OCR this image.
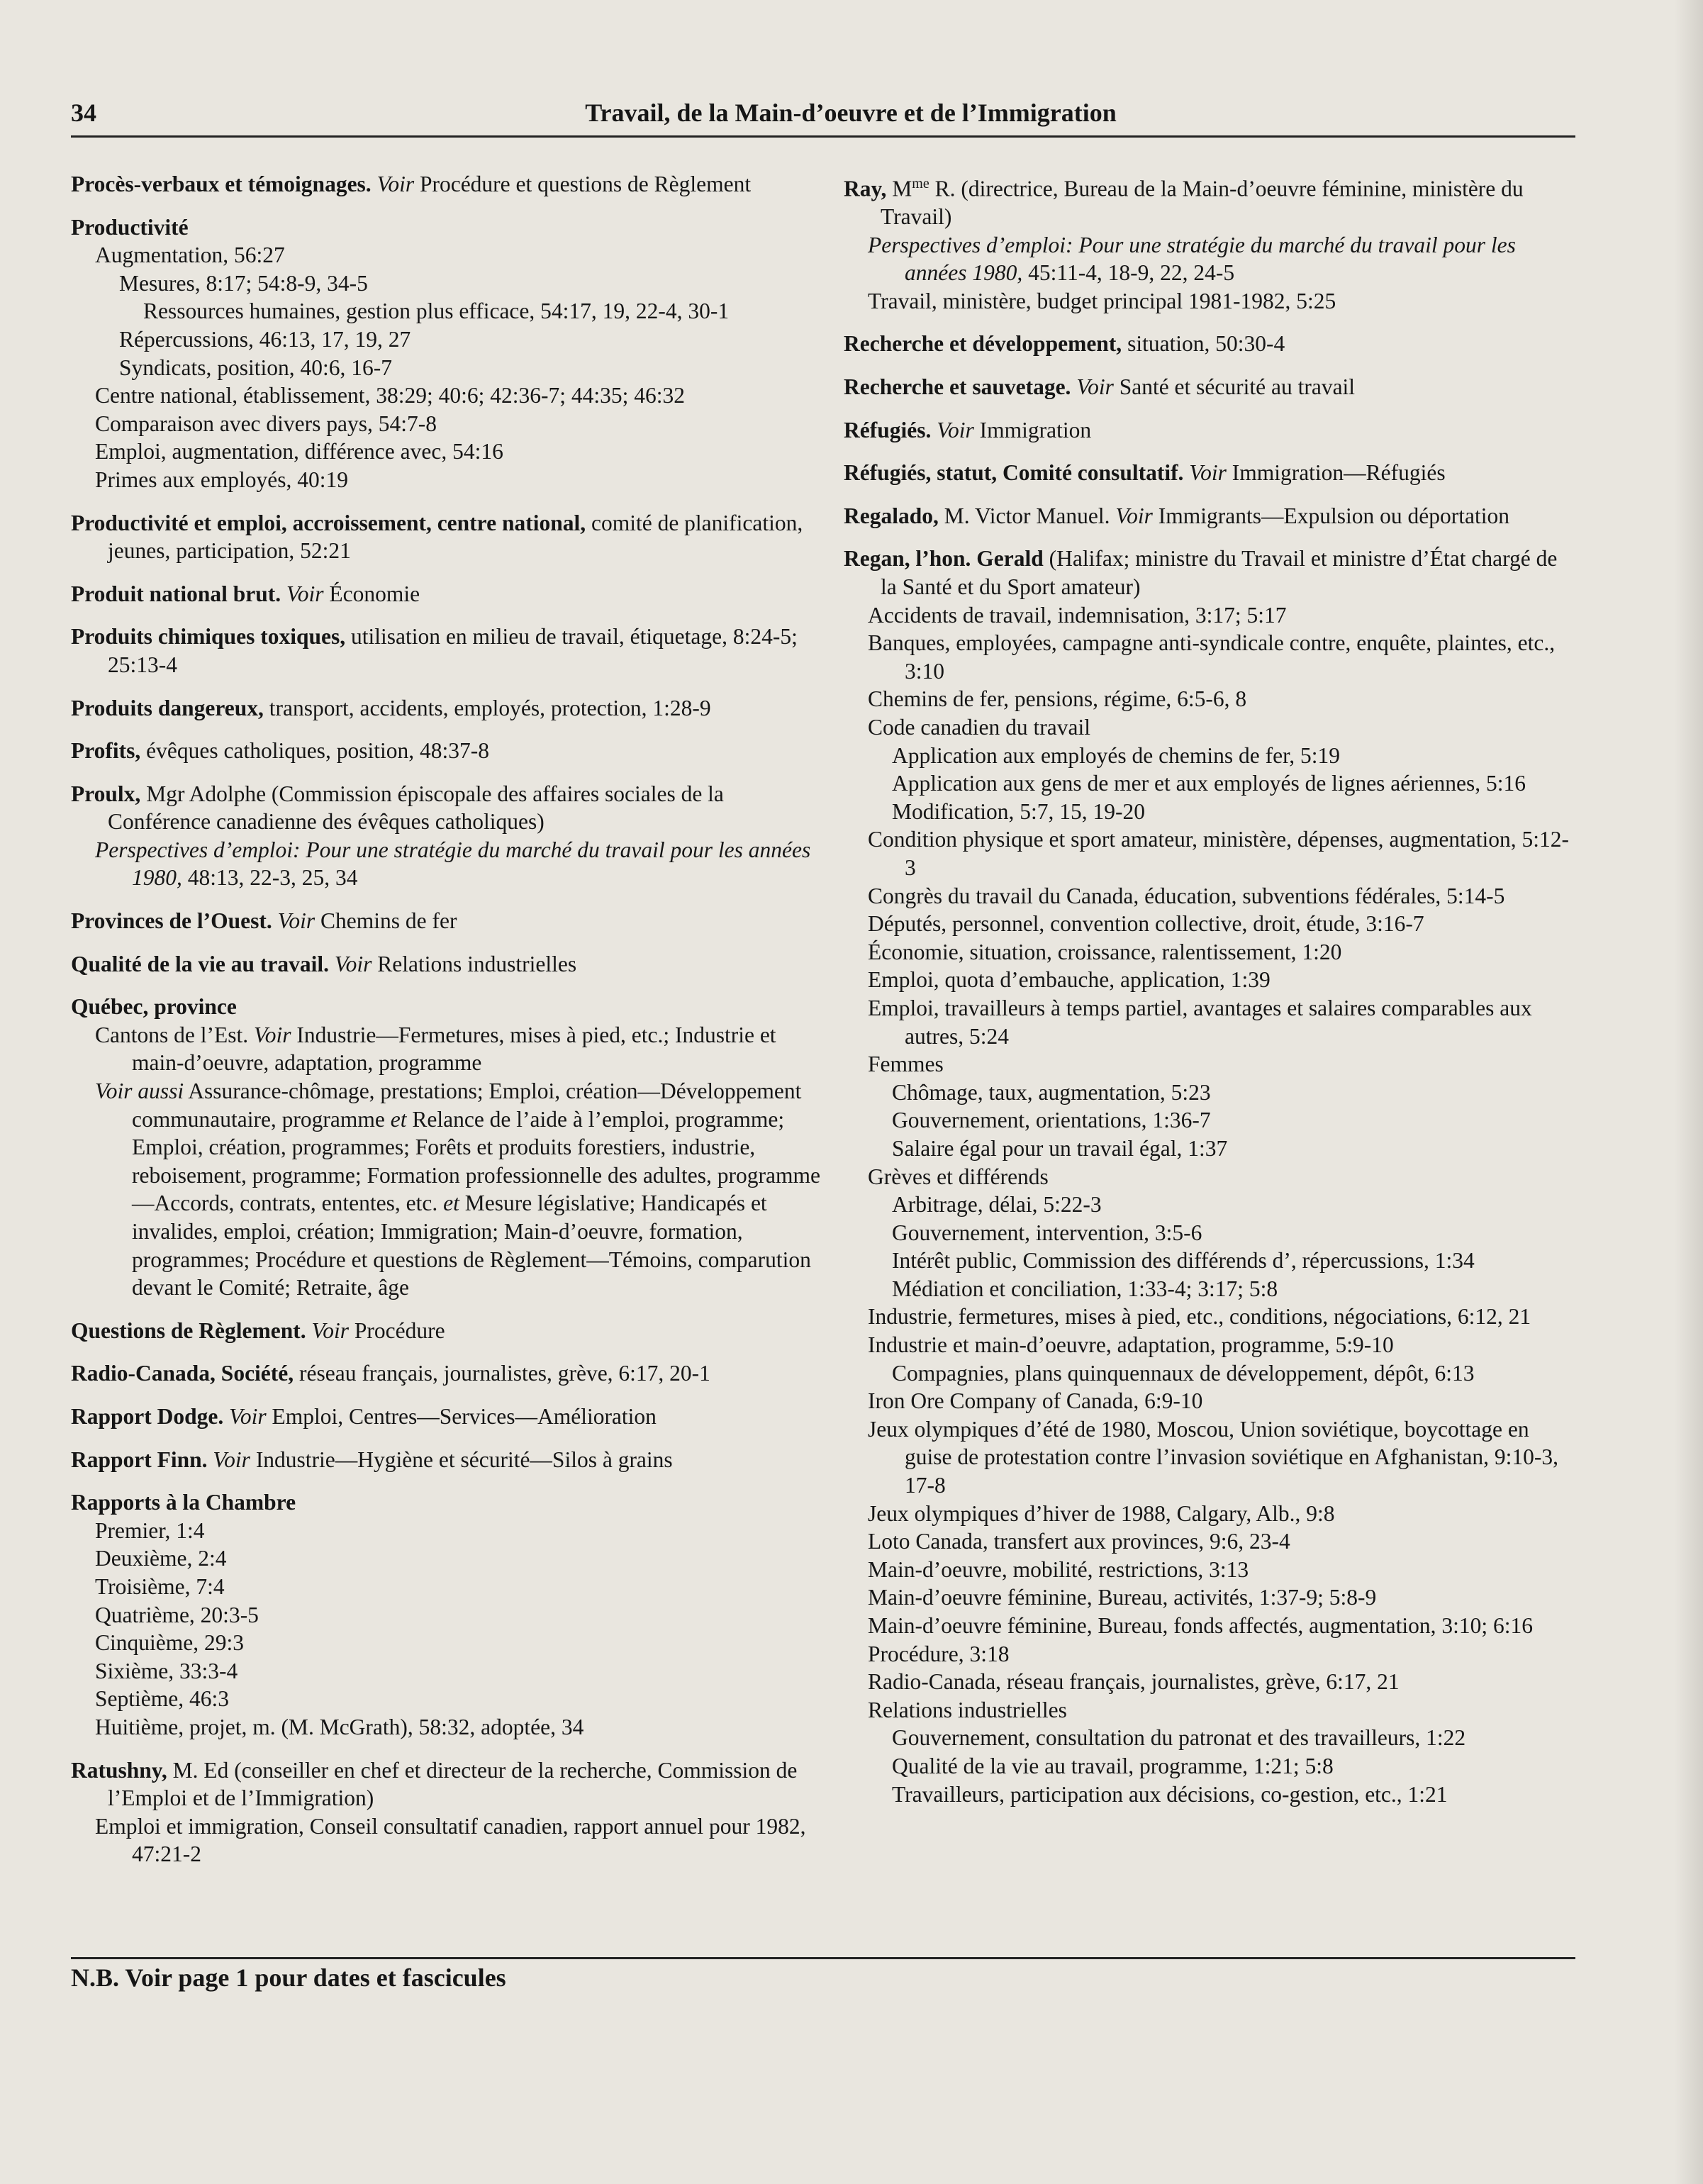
34	Travail, de la Main-d’oeuvre et de l’Immigration
Procès-verbaux et témoignages. Voir Procédure et questions de Règlement
Productivité
Augmentation, 56:27
Mesures, 8:17; 54:8-9, 34-5
Ressources humaines, gestion plus efficace, 54:17, 19, 22-4, 30-1
Répercussions, 46:13, 17, 19, 27
Syndicats, position, 40:6, 16-7
Centre national, établissement, 38:29; 40:6; 42:36-7; 44:35; 46:32
Comparaison avec divers pays, 54:7-8
Emploi, augmentation, différence avec, 54:16
Primes aux employés, 40:19
Productivité et emploi, accroissement, centre national, comité de planification, jeunes, participation, 52:21
Produit national brut. Voir Économie
Produits chimiques toxiques, utilisation en milieu de travail, étiquetage, 8:24-5; 25:13-4
Produits dangereux, transport, accidents, employés, protection, 1:28-9
Profits, évêques catholiques, position, 48:37-8
Proulx, Mgr Adolphe (Commission épiscopale des affaires sociales de la Conférence canadienne des évêques catholiques)
Perspectives d’emploi: Pour une stratégie du marché du travail pour les années 1980, 48:13, 22-3, 25, 34
Provinces de l’Ouest. Voir Chemins de fer
Qualité de la vie au travail. Voir Relations industrielles
Québec, province
Cantons de l’Est. Voir Industrie—Fermetures, mises à pied, etc.; Industrie et main-d’oeuvre, adaptation, programme
Voir aussi Assurance-chômage, prestations; Emploi, création—Développement communautaire, programme et Relance de l’aide à l’emploi, programme; Emploi, création, programmes; Forêts et produits forestiers, industrie, reboisement, programme; Formation professionnelle des adultes, programme—Accords, contrats, ententes, etc. et Mesure législative; Handicapés et invalides, emploi, création; Immigration; Main-d’oeuvre, formation, programmes; Procédure et questions de Règlement—Témoins, comparution devant le Comité; Retraite, âge
Questions de Règlement. Voir Procédure
Radio-Canada, Société, réseau français, journalistes, grève, 6:17, 20-1
Rapport Dodge. Voir Emploi, Centres—Services—Amélioration
Rapport Finn. Voir Industrie—Hygiène et sécurité—Silos à grains
Rapports à la Chambre
Premier, 1:4
Deuxième, 2:4
Troisième, 7:4
Quatrième, 20:3-5
Cinquième, 29:3
Sixième, 33:3-4
Septième, 46:3
Huitième, projet, m. (M. McGrath), 58:32, adoptée, 34
Ratushny, M. Ed (conseiller en chef et directeur de la recherche, Commission de l’Emploi et de l’Immigration)
Emploi et immigration, Conseil consultatif canadien, rapport annuel pour 1982, 47:21-2
Ray, $M^{me}$ R. (directrice, Bureau de la Main-d’oeuvre féminine, ministère du Travail)
Perspectives d’emploi: Pour une stratégie du marché du travail pour les années 1980, 45:11-4, 18-9, 22, 24-5
Travail, ministère, budget principal 1981-1982, 5:25
Recherche et développement, situation, 50:30-4
Recherche et sauvetage. Voir Santé et sécurité au travail
Réfugiés. Voir Immigration
Réfugiés, statut, Comité consultatif. Voir Immigration—Réfugiés
Regalado, M. Victor Manuel. Voir Immigrants—Expulsion ou déportation
Regan, l’hon. Gerald (Halifax; ministre du Travail et ministre d’État chargé de la Santé et du Sport amateur)
Accidents de travail, indemnisation, 3:17; 5:17
Banques, employées, campagne anti-syndicale contre, enquête, plaintes, etc., 3:10
Chemins de fer, pensions, régime, 6:5-6, 8
Code canadien du travail
Application aux employés de chemins de fer, 5:19
Application aux gens de mer et aux employés de lignes aériennes, 5:16
Modification, 5:7, 15, 19-20
Condition physique et sport amateur, ministère, dépenses, augmentation, 5:12-3
Congrès du travail du Canada, éducation, subventions fédérales, 5:14-5
Députés, personnel, convention collective, droit, étude, 3:16-7
Économie, situation, croissance, ralentissement, 1:20
Emploi, quota d’embauche, application, 1:39
Emploi, travailleurs à temps partiel, avantages et salaires comparables aux autres, 5:24
Femmes
Chômage, taux, augmentation, 5:23
Gouvernement, orientations, 1:36-7
Salaire égal pour un travail égal, 1:37
Grèves et différends
Arbitrage, délai, 5:22-3
Gouvernement, intervention, 3:5-6
Intérêt public, Commission des différends d’, répercussions, 1:34
Médiation et conciliation, 1:33-4; 3:17; 5:8
Industrie, fermetures, mises à pied, etc., conditions, négociations, 6:12, 21
Industrie et main-d’oeuvre, adaptation, programme, 5:9-10
Compagnies, plans quinquennaux de développement, dépôt, 6:13
Iron Ore Company of Canada, 6:9-10
Jeux olympiques d’été de 1980, Moscou, Union soviétique, boycottage en guise de protestation contre l’invasion soviétique en Afghanistan, 9:10-3, 17-8
Jeux olympiques d’hiver de 1988, Calgary, Alb., 9:8
Loto Canada, transfert aux provinces, 9:6, 23-4
Main-d’oeuvre, mobilité, restrictions, 3:13
Main-d’oeuvre féminine, Bureau, activités, 1:37-9; 5:8-9
Main-d’oeuvre féminine, Bureau, fonds affectés, augmentation, 3:10; 6:16
Procédure, 3:18
Radio-Canada, réseau français, journalistes, grève, 6:17, 21
Relations industrielles
Gouvernement, consultation du patronat et des travailleurs, 1:22
Qualité de la vie au travail, programme, 1:21; 5:8
Travailleurs, participation aux décisions, co-gestion, etc., 1:21
N.B. Voir page 1 pour dates et fascicules
